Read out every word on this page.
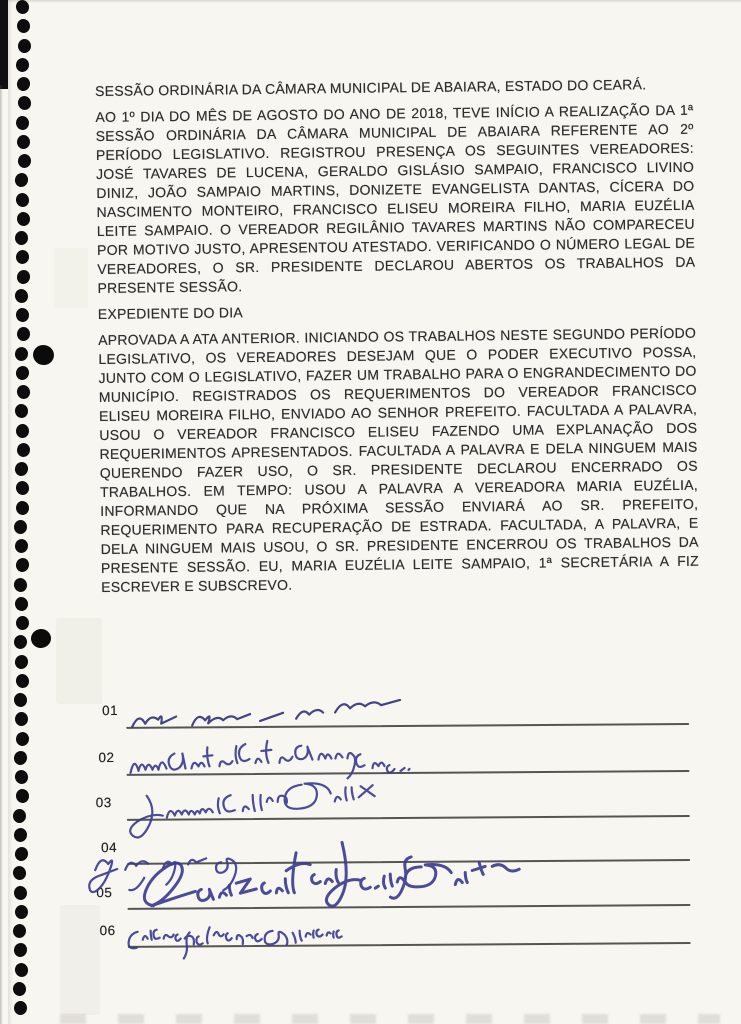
SESSÃO ORDINÁRIA DA CÂMARA MUNICIPAL DE ABAIARA, ESTADO DO CEARÁ.

AO 1º DIA DO MÊS DE AGOSTO DO ANO DE 2018, TEVE INÍCIO A REALIZAÇÃO DA 1ª SESSÃO ORDINÁRIA DA CÂMARA MUNICIPAL DE ABAIARA REFERENTE AO 2º PERÍODO LEGISLATIVO. REGISTROU PRESENÇA OS SEGUINTES VEREADORES: JOSÉ TAVARES DE LUCENA, GERALDO GISLÁSIO SAMPAIO, FRANCISCO LIVINO DINIZ, JOÃO SAMPAIO MARTINS, DONIZETE EVANGELISTA DANTAS, CÍCERA DO NASCIMENTO MONTEIRO, FRANCISCO ELISEU MOREIRA FILHO, MARIA EUZÉLIA LEITE SAMPAIO. O VEREADOR REGILÂNIO TAVARES MARTINS NÃO COMPARECEU POR MOTIVO JUSTO, APRESENTOU ATESTADO. VERIFICANDO O NÚMERO LEGAL DE VEREADORES, O SR. PRESIDENTE DECLAROU ABERTOS OS TRABALHOS DA PRESENTE SESSÃO.

EXPEDIENTE DO DIA

APROVADA A ATA ANTERIOR. INICIANDO OS TRABALHOS NESTE SEGUNDO PERÍODO LEGISLATIVO, OS VEREADORES DESEJAM QUE O PODER EXECUTIVO POSSA, JUNTO COM O LEGISLATIVO, FAZER UM TRABALHO PARA O ENGRANDECIMENTO DO MUNICÍPIO. REGISTRADOS OS REQUERIMENTOS DO VEREADOR FRANCISCO ELISEU MOREIRA FILHO, ENVIADO AO SENHOR PREFEITO. FACULTADA A PALAVRA, USOU O VEREADOR FRANCISCO ELISEU FAZENDO UMA EXPLANAÇÃO DOS REQUERIMENTOS APRESENTADOS. FACULTADA A PALAVRA E DELA NINGUEM MAIS QUERENDO FAZER USO, O SR. PRESIDENTE DECLAROU ENCERRADO OS TRABALHOS. EM TEMPO: USOU A PALAVRA A VEREADORA MARIA EUZÉLIA, INFORMANDO QUE NA PRÓXIMA SESSÃO ENVIARÁ AO SR. PREFEITO, REQUERIMENTO PARA RECUPERAÇÃO DE ESTRADA. FACULTADA, A PALAVRA, E DELA NINGUEM MAIS USOU, O SR. PRESIDENTE ENCERROU OS TRABALHOS DA PRESENTE SESSÃO. EU, MARIA EUZÉLIA LEITE SAMPAIO, 1ª SECRETÁRIA A FIZ ESCREVER E SUBSCREVO.

01
02
03
04
05
06
